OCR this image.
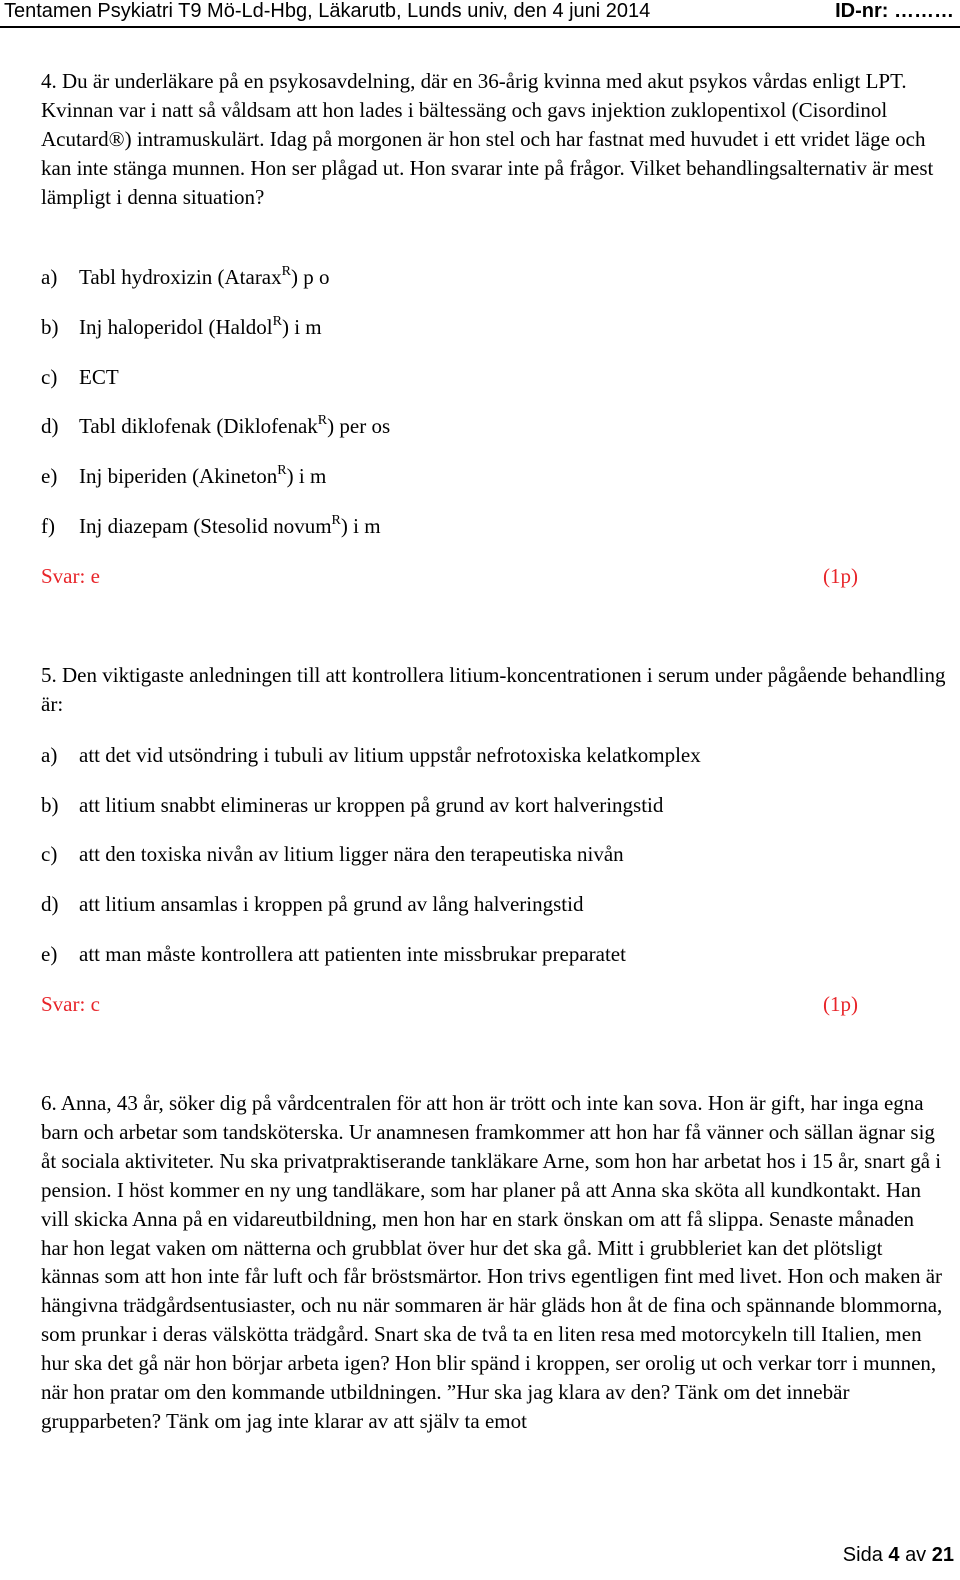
Tentamen Psykiatri T9 Mö-Ld-Hbg, Läkarutb, Lunds univ, den 4 juni 2014	ID-nr: ………
4. Du är underläkare på en psykosavdelning, där en 36-årig kvinna med akut psykos vårdas enligt LPT. Kvinnan var i natt så våldsam att hon lades i bältessäng och gavs injektion zuklopentixol (Cisordinol Acutard®) intramuskulärt. Idag på morgonen är hon stel och har fastnat med huvudet i ett vridet läge och kan inte stänga munnen. Hon ser plågad ut. Hon svarar inte på frågor. Vilket behandlingsalternativ är mest lämpligt i denna situation?
a) Tabl hydroxizin (Atarax$^R$) p o
b) Inj haloperidol (Haldol$^R$) i m
c) ECT
d) Tabl diklofenak (Diklofenak$^R$) per os
e) Inj biperiden (Akineton$^R$) i m
f) Inj diazepam (Stesolid novum$^R$) i m
Svar: e	(1p)
5. Den viktigaste anledningen till att kontrollera litium-koncentrationen i serum under pågående behandling är:
a) att det vid utsöndring i tubuli av litium uppstår nefrotoxiska kelatkomplex
b) att litium snabbt elimineras ur kroppen på grund av kort halveringstid
c) att den toxiska nivån av litium ligger nära den terapeutiska nivån
d) att litium ansamlas i kroppen på grund av lång halveringstid
e) att man måste kontrollera att patienten inte missbrukar preparatet
Svar: c	(1p)
6. Anna, 43 år, söker dig på vårdcentralen för att hon är trött och inte kan sova. Hon är gift, har inga egna barn och arbetar som tandsköterska. Ur anamnesen framkommer att hon har få vänner och sällan ägnar sig åt sociala aktiviteter. Nu ska privatpraktiserande tankläkare Arne, som hon har arbetat hos i 15 år, snart gå i pension. I höst kommer en ny ung tandläkare, som har planer på att Anna ska sköta all kundkontakt. Han vill skicka Anna på en vidareutbildning, men hon har en stark önskan om att få slippa. Senaste månaden har hon legat vaken om nätterna och grubblat över hur det ska gå. Mitt i grubbleriet kan det plötsligt kännas som att hon inte får luft och får bröstsmärtor. Hon trivs egentligen fint med livet. Hon och maken är hängivna trädgårdsentusiaster, och nu när sommaren är här gläds hon åt de fina och spännande blommorna, som prunkar i deras välskötta trädgård. Snart ska de två ta en liten resa med motorcykeln till Italien, men hur ska det gå när hon börjar arbeta igen? Hon blir spänd i kroppen, ser orolig ut och verkar torr i munnen, när hon pratar om den kommande utbildningen. ”Hur ska jag klara av den? Tänk om det innebär grupparbeten? Tänk om jag inte klarar av att själv ta emot
Sida 4 av 21
